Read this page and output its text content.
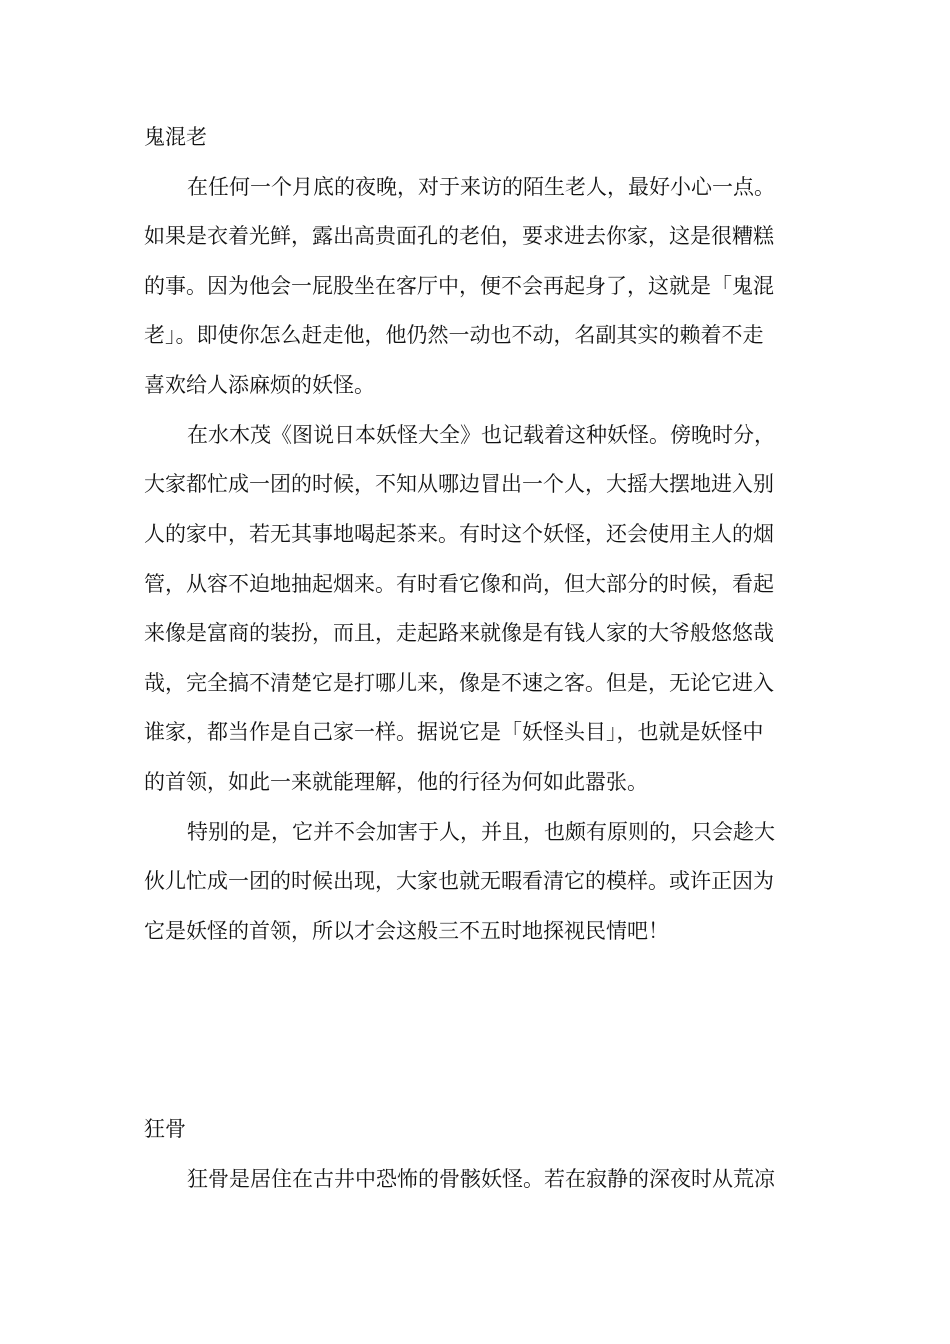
鬼混老

在任何一个月底的夜晚，对于来访的陌生老人，最好小心一点。

如果是衣着光鲜，露出高贵面孔的老伯，要求进去你家，这是很糟糕

的事。因为他会一屁股坐在客厅中，便不会再起身了，这就是「鬼混

老」。即使你怎么赶走他，他仍然一动也不动，名副其实的赖着不走

喜欢给人添麻烦的妖怪。

在水木茂《图说日本妖怪大全》也记载着这种妖怪。傍晚时分，

大家都忙成一团的时候，不知从哪边冒出一个人，大摇大摆地进入别

人的家中，若无其事地喝起茶来。有时这个妖怪，还会使用主人的烟

管，从容不迫地抽起烟来。有时看它像和尚，但大部分的时候，看起

来像是富商的装扮，而且，走起路来就像是有钱人家的大爷般悠悠哉

哉，完全搞不清楚它是打哪儿来，像是不速之客。但是，无论它进入

谁家，都当作是自己家一样。据说它是「妖怪头目」，也就是妖怪中

的首领，如此一来就能理解，他的行径为何如此嚣张。

特别的是，它并不会加害于人，并且，也颇有原则的，只会趁大

伙儿忙成一团的时候出现，大家也就无暇看清它的模样。或许正因为

它是妖怪的首领，所以才会这般三不五时地探视民情吧！

狂骨

狂骨是居住在古井中恐怖的骨骸妖怪。若在寂静的深夜时从荒凉
